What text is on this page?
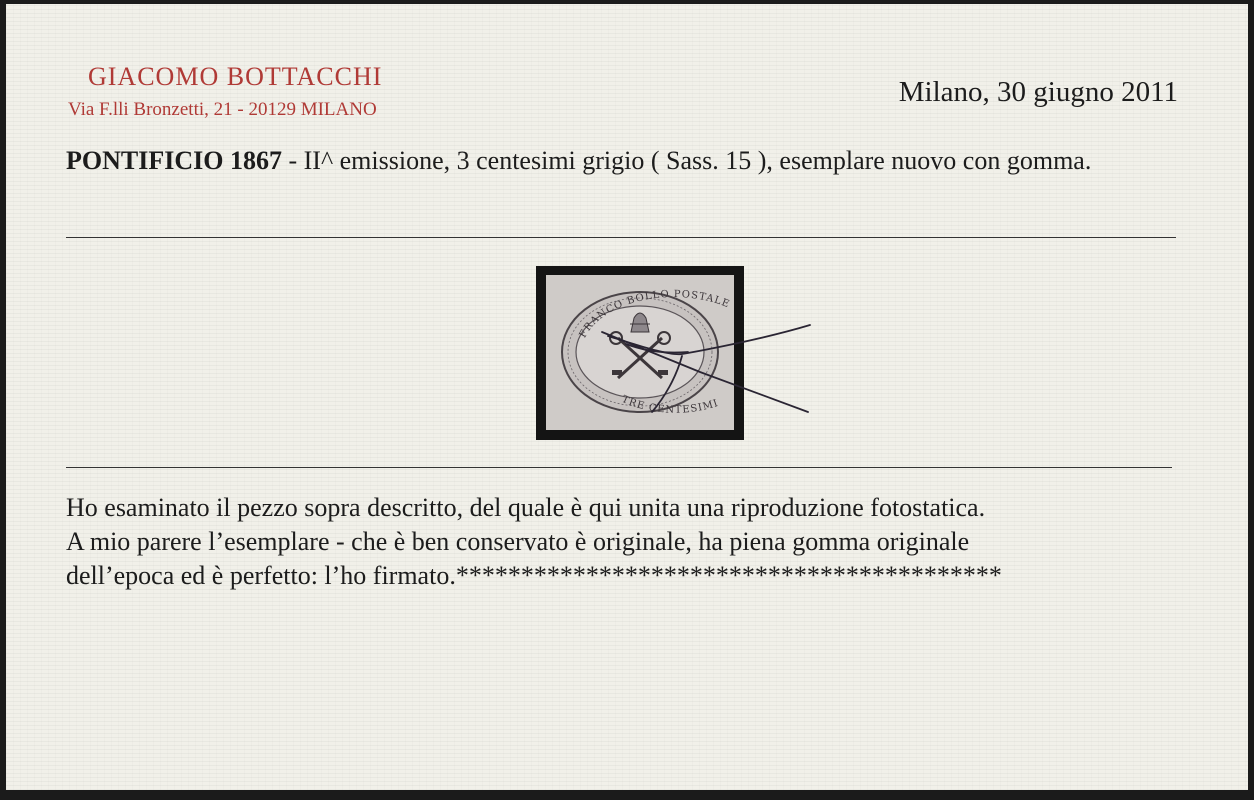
GIACOMO BOTTACCHI
Via F.lli Bronzetti, 21 - 20129 MILANO
Milano, 30 giugno 2011
PONTIFICIO 1867 - II^ emissione, 3 centesimi grigio ( Sass. 15 ), esemplare nuovo con gomma.
FRANCO BOLLO POSTALE
TRE CENTESIMI
Ho esaminato il pezzo sopra descritto, del quale è qui unita una riproduzione fotostatica.
A mio parere l’esemplare - che è ben conservato è originale, ha piena gomma originale
dell’epoca ed è perfetto: l’ho firmato.******************************************
